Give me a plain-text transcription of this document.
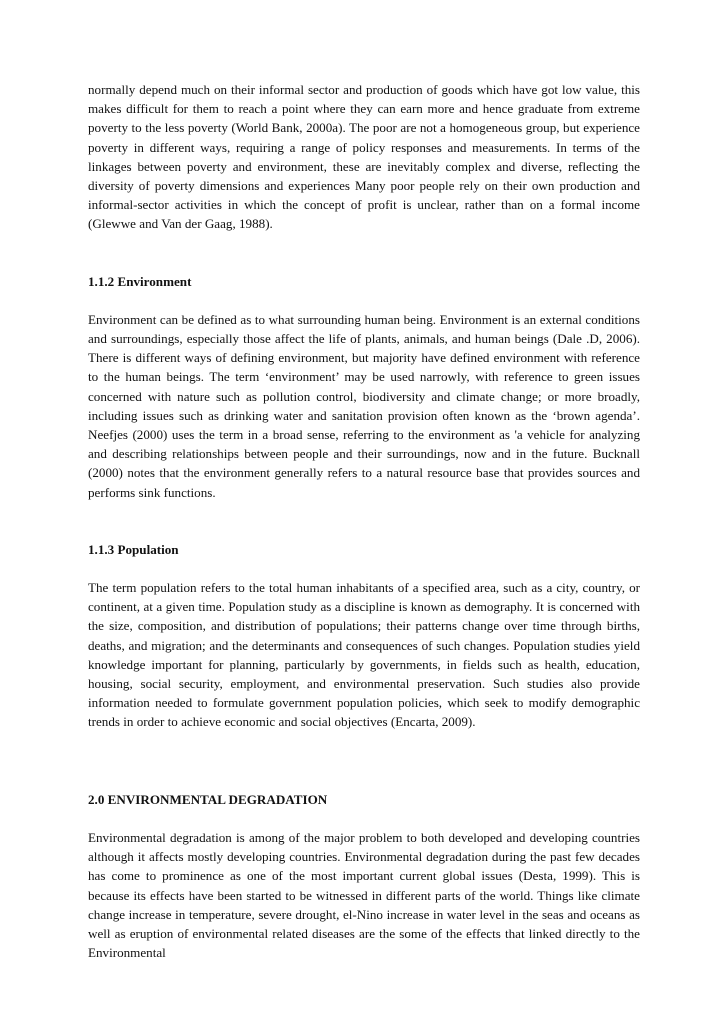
normally depend much on their informal sector and production of goods which have got low value, this makes difficult for them to reach a point where they can earn more and hence graduate from extreme poverty to the less poverty (World Bank, 2000a). The poor are not a homogeneous group, but experience poverty in different ways, requiring a range of policy responses and measurements. In terms of the linkages between poverty and environment, these are inevitably complex and diverse, reflecting the diversity of poverty dimensions and experiences Many poor people rely on their own production and informal-sector activities in which the concept of profit is unclear, rather than on a formal income (Glewwe and Van der Gaag, 1988).

1.1.2 Environment

Environment can be defined as to what surrounding human being. Environment is an external conditions and surroundings, especially those affect the life of plants, animals, and human beings (Dale .D, 2006). There is different ways of defining environment, but majority have defined environment with reference to the human beings. The term ‘environment’ may be used narrowly, with reference to green issues concerned with nature such as pollution control, biodiversity and climate change; or more broadly, including issues such as drinking water and sanitation provision often known as the ‘brown agenda’. Neefjes (2000) uses the term in a broad sense, referring to the environment as 'a vehicle for analyzing and describing relationships between people and their surroundings, now and in the future. Bucknall (2000) notes that the environment generally refers to a natural resource base that provides sources and performs sink functions.

1.1.3 Population

The term population refers to the total human inhabitants of a specified area, such as a city, country, or continent, at a given time. Population study as a discipline is known as demography. It is concerned with the size, composition, and distribution of populations; their patterns change over time through births, deaths, and migration; and the determinants and consequences of such changes. Population studies yield knowledge important for planning, particularly by governments, in fields such as health, education, housing, social security, employment, and environmental preservation. Such studies also provide information needed to formulate government population policies, which seek to modify demographic trends in order to achieve economic and social objectives (Encarta, 2009).

2.0 ENVIRONMENTAL DEGRADATION

Environmental degradation is among of the major problem to both developed and developing countries although it affects mostly developing countries. Environmental degradation during the past few decades has come to prominence as one of the most important current global issues (Desta, 1999). This is because its effects have been started to be witnessed in different parts of the world. Things like climate change increase in temperature, severe drought, el-Nino increase in water level in the seas and oceans as well as eruption of environmental related diseases are the some of the effects that linked directly to the Environmental
